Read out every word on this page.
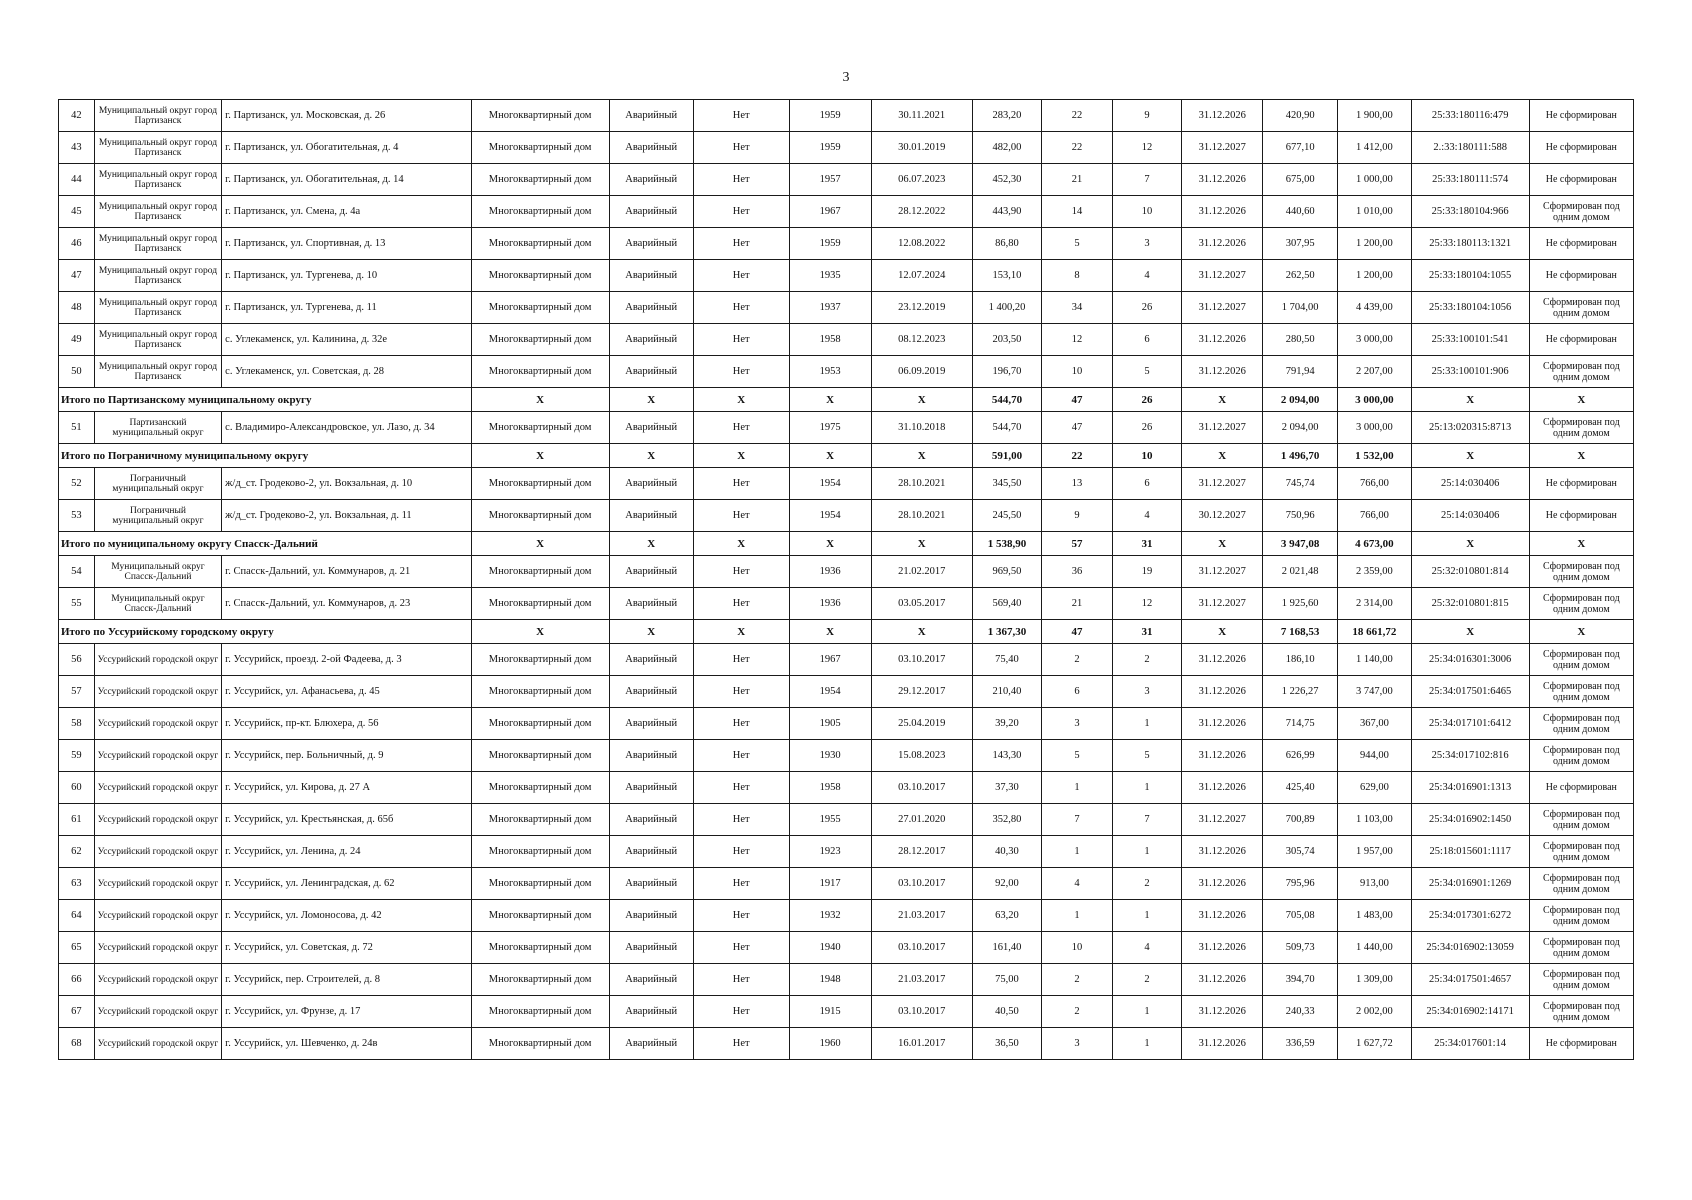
3
42	Муниципальный округ город Партизанск	г. Партизанск, ул. Московская, д. 26	Многоквартирный дом	Аварийный	Нет	1959	30.11.2021	283,20	22	9	31.12.2026	420,90	1 900,00	25:33:180116:479	Не сформирован
43	Муниципальный округ город Партизанск	г. Партизанск, ул. Обогатительная, д. 4	Многоквартирный дом	Аварийный	Нет	1959	30.01.2019	482,00	22	12	31.12.2027	677,10	1 412,00	2.:33:180111:588	Не сформирован
44	Муниципальный округ город Партизанск	г. Партизанск, ул. Обогатительная, д. 14	Многоквартирный дом	Аварийный	Нет	1957	06.07.2023	452,30	21	7	31.12.2026	675,00	1 000,00	25:33:180111:574	Не сформирован
45	Муниципальный округ город Партизанск	г. Партизанск, ул. Смена, д. 4а	Многоквартирный дом	Аварийный	Нет	1967	28.12.2022	443,90	14	10	31.12.2026	440,60	1 010,00	25:33:180104:966	Сформирован под одним домом
46	Муниципальный округ город Партизанск	г. Партизанск, ул. Спортивная, д. 13	Многоквартирный дом	Аварийный	Нет	1959	12.08.2022	86,80	5	3	31.12.2026	307,95	1 200,00	25:33:180113:1321	Не сформирован
47	Муниципальный округ город Партизанск	г. Партизанск, ул. Тургенева, д. 10	Многоквартирный дом	Аварийный	Нет	1935	12.07.2024	153,10	8	4	31.12.2027	262,50	1 200,00	25:33:180104:1055	Не сформирован
48	Муниципальный округ город Партизанск	г. Партизанск, ул. Тургенева, д. 11	Многоквартирный дом	Аварийный	Нет	1937	23.12.2019	1 400,20	34	26	31.12.2027	1 704,00	4 439,00	25:33:180104:1056	Сформирован под одним домом
49	Муниципальный округ город Партизанск	с. Углекаменск, ул. Калинина, д. 32е	Многоквартирный дом	Аварийный	Нет	1958	08.12.2023	203,50	12	6	31.12.2026	280,50	3 000,00	25:33:100101:541	Не сформирован
50	Муниципальный округ город Партизанск	с. Углекаменск, ул. Советская, д. 28	Многоквартирный дом	Аварийный	Нет	1953	06.09.2019	196,70	10	5	31.12.2026	791,94	2 207,00	25:33:100101:906	Сформирован под одним домом
Итого по Партизанскому муниципальному округу			X	X	X	X	X	544,70	47	26	X	2 094,00	3 000,00	X	X
51	Партизанский муниципальный округ	с. Владимиро-Александровское, ул. Лазо, д. 34	Многоквартирный дом	Аварийный	Нет	1975	31.10.2018	544,70	47	26	31.12.2027	2 094,00	3 000,00	25:13:020315:8713	Сформирован под одним домом
Итого по Пограничному муниципальному округу			X	X	X	X	X	591,00	22	10	X	1 496,70	1 532,00	X	X
52	Пограничный муниципальный округ	ж/д_ст. Гродеково-2, ул. Вокзальная, д. 10	Многоквартирный дом	Аварийный	Нет	1954	28.10.2021	345,50	13	6	31.12.2027	745,74	766,00	25:14:030406	Не сформирован
53	Пограничный муниципальный округ	ж/д_ст. Гродеково-2, ул. Вокзальная, д. 11	Многоквартирный дом	Аварийный	Нет	1954	28.10.2021	245,50	9	4	30.12.2027	750,96	766,00	25:14:030406	Не сформирован
Итого по муниципальному округу Спасск-Дальний			X	X	X	X	X	1 538,90	57	31	X	3 947,08	4 673,00	X	X
54	Муниципальный округ Спасск-Дальний	г. Спасск-Дальний, ул. Коммунаров, д. 21	Многоквартирный дом	Аварийный	Нет	1936	21.02.2017	969,50	36	19	31.12.2027	2 021,48	2 359,00	25:32:010801:814	Сформирован под одним домом
55	Муниципальный округ Спасск-Дальний	г. Спасск-Дальний, ул. Коммунаров, д. 23	Многоквартирный дом	Аварийный	Нет	1936	03.05.2017	569,40	21	12	31.12.2027	1 925,60	2 314,00	25:32:010801:815	Сформирован под одним домом
Итого по Уссурийскому городскому округу			X	X	X	X	X	1 367,30	47	31	X	7 168,53	18 661,72	X	X
56	Уссурийский городской округ	г. Уссурийск, проезд. 2-ой Фадеева, д. 3	Многоквартирный дом	Аварийный	Нет	1967	03.10.2017	75,40	2	2	31.12.2026	186,10	1 140,00	25:34:016301:3006	Сформирован под одним домом
57	Уссурийский городской округ	г. Уссурийск, ул. Афанасьева, д. 45	Многоквартирный дом	Аварийный	Нет	1954	29.12.2017	210,40	6	3	31.12.2026	1 226,27	3 747,00	25:34:017501:6465	Сформирован под одним домом
58	Уссурийский городской округ	г. Уссурийск, пр-кт. Блюхера, д. 56	Многоквартирный дом	Аварийный	Нет	1905	25.04.2019	39,20	3	1	31.12.2026	714,75	367,00	25:34:017101:6412	Сформирован под одним домом
59	Уссурийский городской округ	г. Уссурийск, пер. Больничный, д. 9	Многоквартирный дом	Аварийный	Нет	1930	15.08.2023	143,30	5	5	31.12.2026	626,99	944,00	25:34:017102:816	Сформирован под одним домом
60	Уссурийский городской округ	г. Уссурийск, ул. Кирова, д. 27 А	Многоквартирный дом	Аварийный	Нет	1958	03.10.2017	37,30	1	1	31.12.2026	425,40	629,00	25:34:016901:1313	Не сформирован
61	Уссурийский городской округ	г. Уссурийск, ул. Крестьянская, д. 65б	Многоквартирный дом	Аварийный	Нет	1955	27.01.2020	352,80	7	7	31.12.2027	700,89	1 103,00	25:34:016902:1450	Сформирован под одним домом
62	Уссурийский городской округ	г. Уссурийск, ул. Ленина, д. 24	Многоквартирный дом	Аварийный	Нет	1923	28.12.2017	40,30	1	1	31.12.2026	305,74	1 957,00	25:18:015601:1117	Сформирован под одним домом
63	Уссурийский городской округ	г. Уссурийск, ул. Ленинградская, д. 62	Многоквартирный дом	Аварийный	Нет	1917	03.10.2017	92,00	4	2	31.12.2026	795,96	913,00	25:34:016901:1269	Сформирован под одним домом
64	Уссурийский городской округ	г. Уссурийск, ул. Ломоносова, д. 42	Многоквартирный дом	Аварийный	Нет	1932	21.03.2017	63,20	1	1	31.12.2026	705,08	1 483,00	25:34:017301:6272	Сформирован под одним домом
65	Уссурийский городской округ	г. Уссурийск, ул. Советская, д. 72	Многоквартирный дом	Аварийный	Нет	1940	03.10.2017	161,40	10	4	31.12.2026	509,73	1 440,00	25:34:016902:13059	Сформирован под одним домом
66	Уссурийский городской округ	г. Уссурийск, пер. Строителей, д. 8	Многоквартирный дом	Аварийный	Нет	1948	21.03.2017	75,00	2	2	31.12.2026	394,70	1 309,00	25:34:017501:4657	Сформирован под одним домом
67	Уссурийский городской округ	г. Уссурийск, ул. Фрунзе, д. 17	Многоквартирный дом	Аварийный	Нет	1915	03.10.2017	40,50	2	1	31.12.2026	240,33	2 002,00	25:34:016902:14171	Сформирован под одним домом
68	Уссурийский городской округ	г. Уссурийск, ул. Шевченко, д. 24в	Многоквартирный дом	Аварийный	Нет	1960	16.01.2017	36,50	3	1	31.12.2026	336,59	1 627,72	25:34:017601:14	Не сформирован
